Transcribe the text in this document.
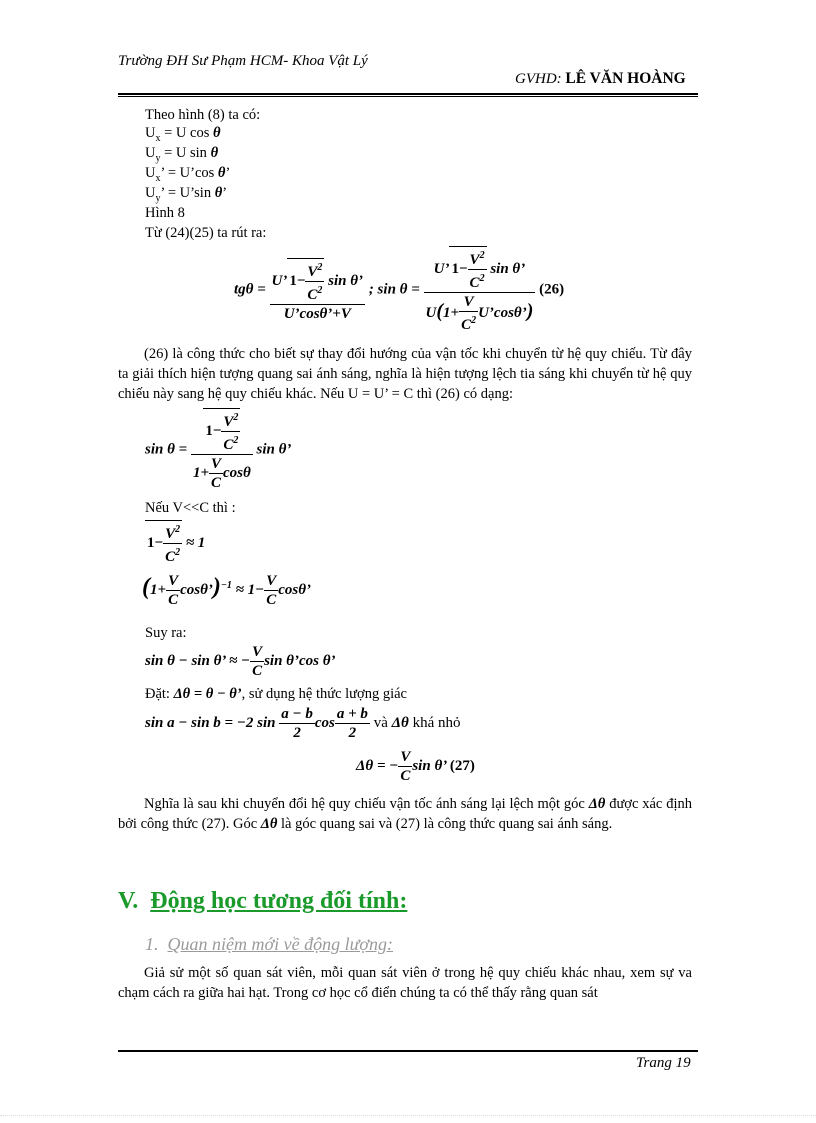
Trường ĐH Sư Phạm HCM- Khoa Vật Lý
GVHD: LÊ VĂN HOÀNG
Theo hình (8) ta có:
$U_x = U$ cos θ
$U_y = U$ sin θ
$U_x$’ = U’cos θ’
$U_y$’ = U’sin θ’
Hình 8
Từ (24)(25) ta rút ra:
$tg\theta = \frac{U’ 1- \frac{V^2}{C^2} \sin \theta’}{U’\cos\theta’+V}$ ; $\sin \theta = \frac{U’ 1- \frac{V^2}{C^2} \sin \theta’}{U(1+ \frac{V}{C^2} U’\cos\theta’)} (26)$
(26) là công thức cho biết sự thay đổi hướng của vận tốc khi chuyển từ hệ quy chiếu. Từ đây ta giải thích hiện tượng quang sai ánh sáng, nghĩa là hiện tượng lệch tia sáng khi chuyển từ hệ quy chiếu này sang hệ quy chiếu khác. Nếu U = U’ = C thì (26) có dạng:
$\sin \theta = \frac{1- \frac{V^2}{C^2}}{1+ \frac{V}{C} \cos\theta}$ sin θ’
Nếu V<<C thì :
$1- \frac{V^2}{C^2} \approx 1$
($1+ \frac{V}{C}$ cosθ’)$^{-1}$ ≈ $1- \frac{V}{C} \cos\theta$’
Suy ra:
sin θ − sin θ’ ≈ − $\frac{V}{C}$ sin θ’cos θ’
Đặt: Δθ = θ − θ’, sử dụng hệ thức lượng giác
sin a − sin b = −2 $\sin \frac{a - b}{2}$ $\cos \frac{a + b}{2}$ và Δθ khá nhỏ
Δθ = − $\frac{V}{C}$ sin θ’ (27)
Nghĩa là sau khi chuyển đổi hệ quy chiếu vận tốc ánh sáng lại lệch một góc Δθ được xác định bởi công thức (27). Góc Δθ là góc quang sai và (27) là công thức quang sai ánh sáng.
V. Động học tương đối tính:
1. Quan niệm mới về động lượng:
Giả sử một số quan sát viên, mỗi quan sát viên ở trong hệ quy chiếu khác nhau, xem sự va chạm cách ra giữa hai hạt. Trong cơ học cổ điển chúng ta có thể thấy rằng quan sát
Trang 19
